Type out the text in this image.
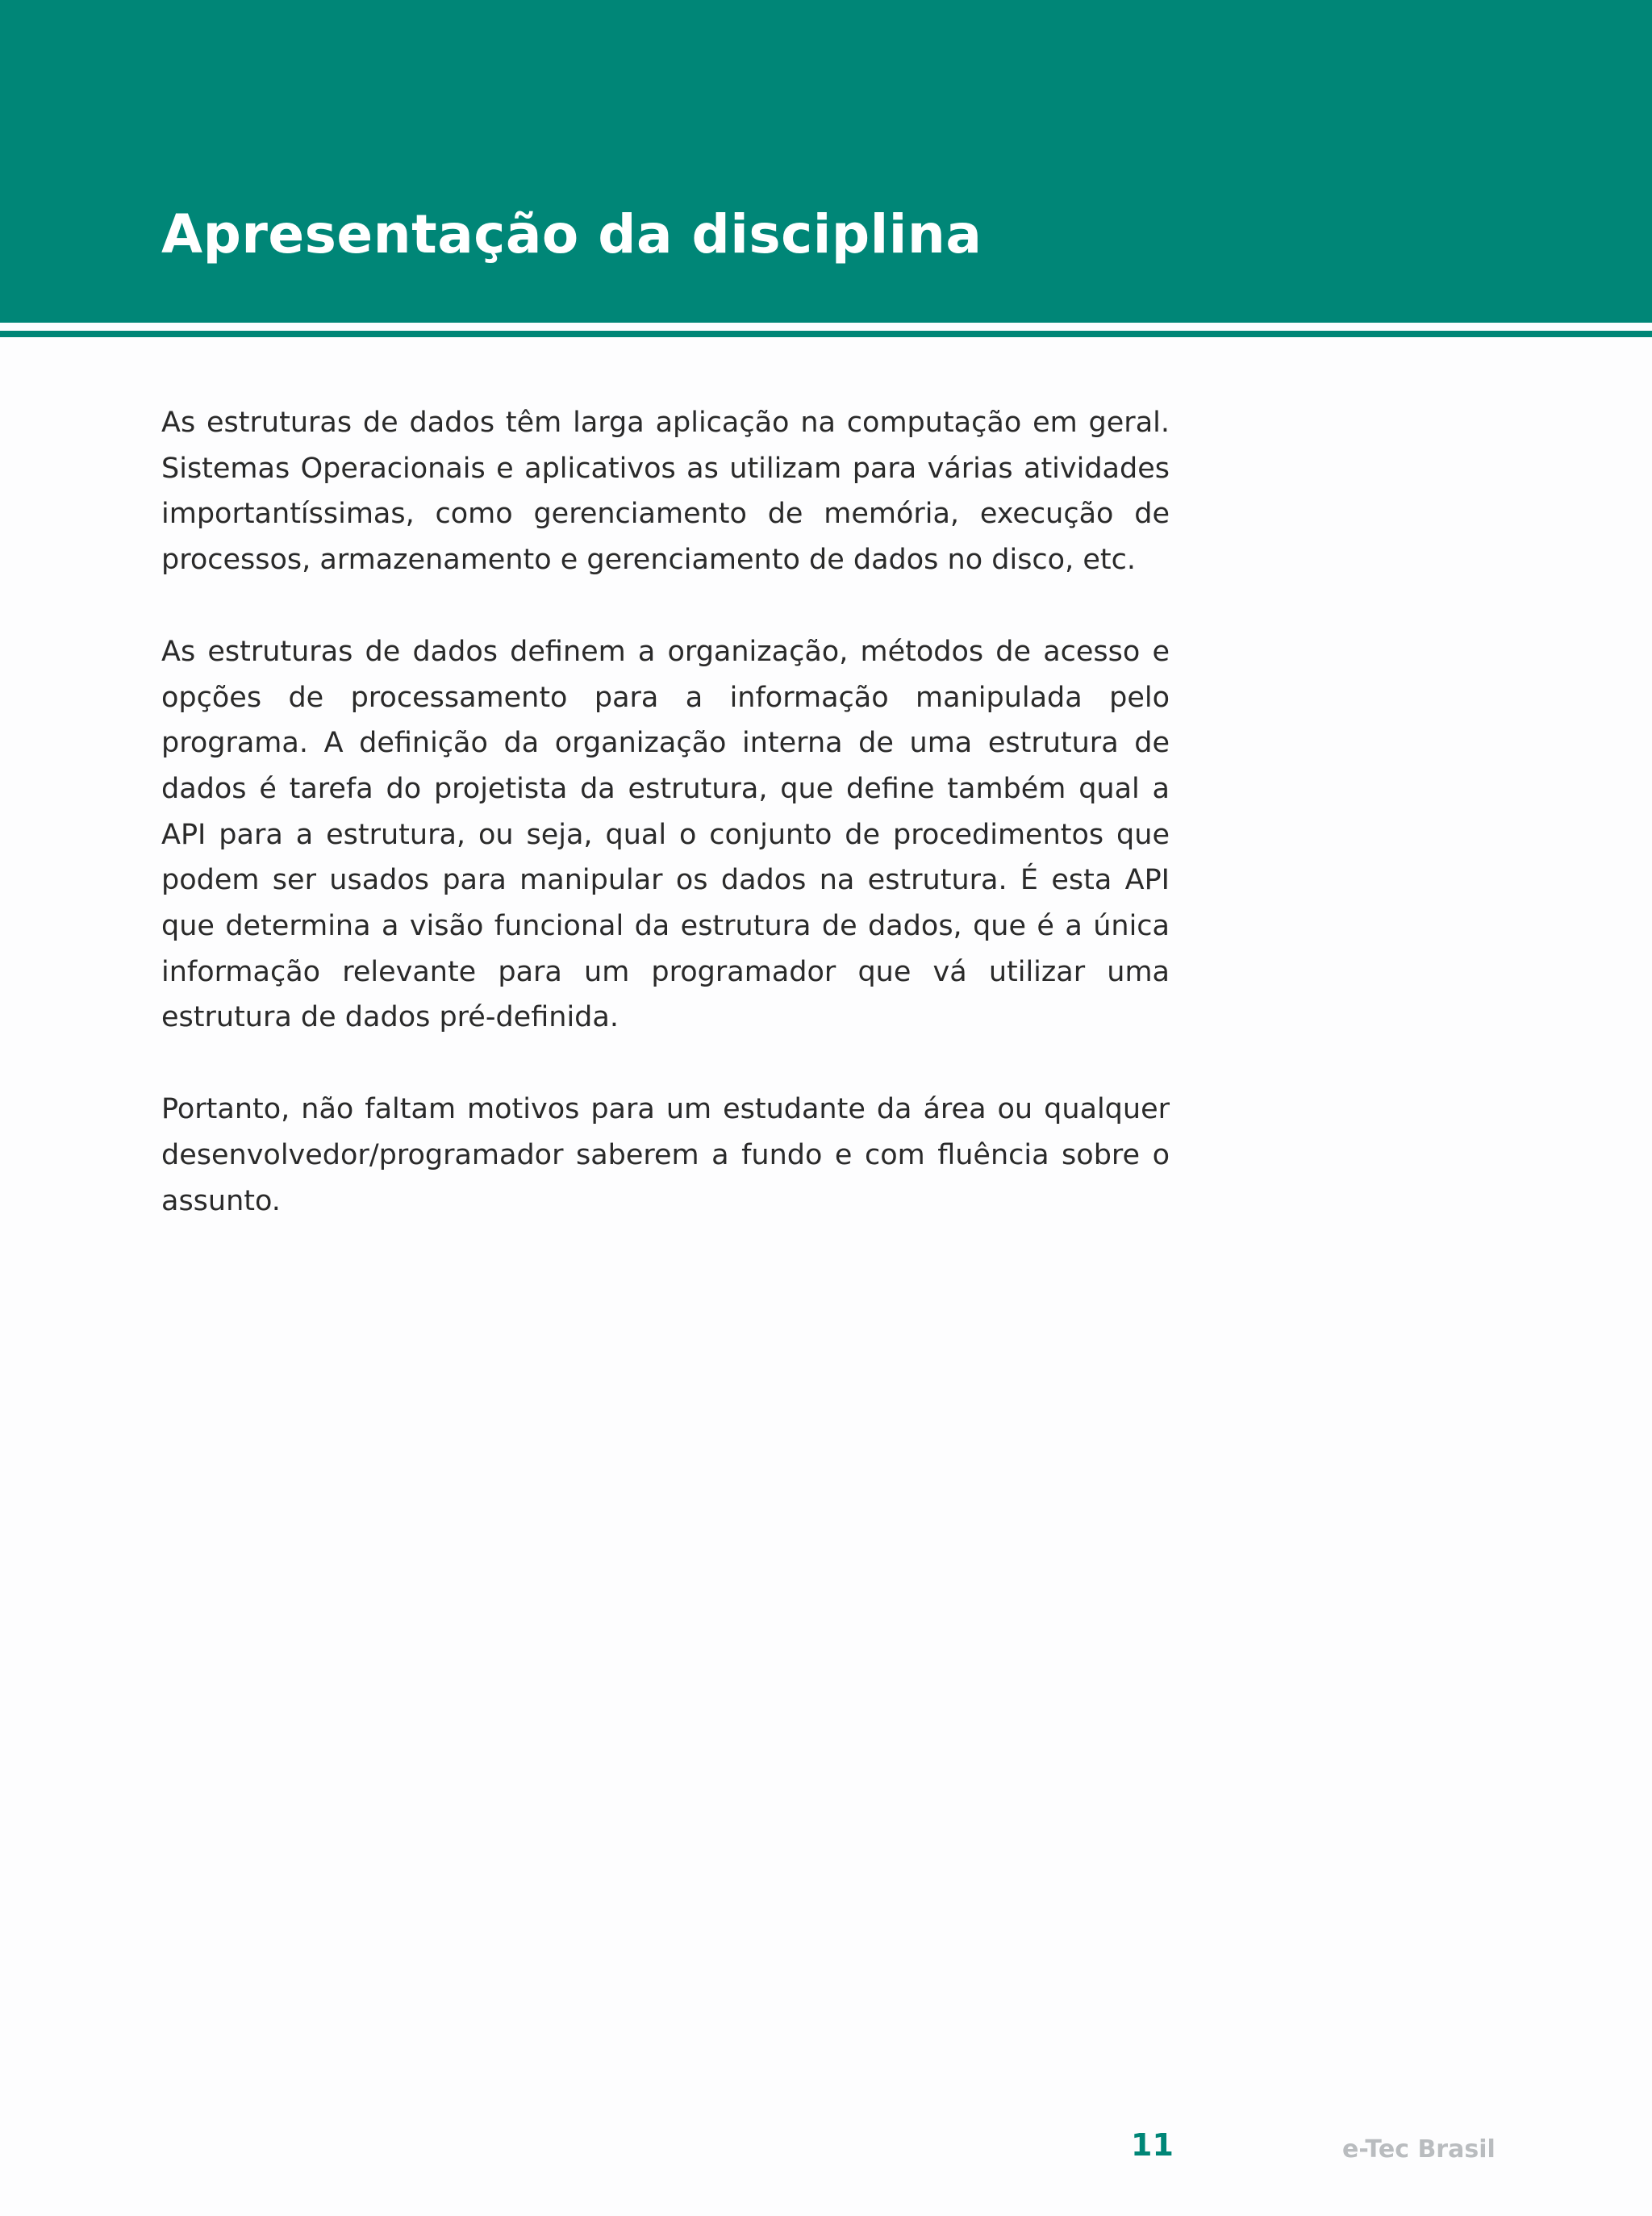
Apresentação da disciplina

As estruturas de dados têm larga aplicação na computação em geral. Sistemas Operacionais e aplicativos as utilizam para várias atividades importantíssimas, como gerenciamento de memória, execução de processos, armazenamento e gerenciamento de dados no disco, etc.

As estruturas de dados definem a organização, métodos de acesso e opções de processamento para a informação manipulada pelo programa. A definição da organização interna de uma estrutura de dados é tarefa do projetista da estrutura, que define também qual a API para a estrutura, ou seja, qual o conjunto de procedimentos que podem ser usados para manipular os dados na estrutura. É esta API que determina a visão funcional da estrutura de dados, que é a única informação relevante para um programador que vá utilizar uma estrutura de dados pré-definida.

Portanto, não faltam motivos para um estudante da área ou qualquer desenvolvedor/programador saberem a fundo e com fluência sobre o assunto.

11	e-Tec Brasil
